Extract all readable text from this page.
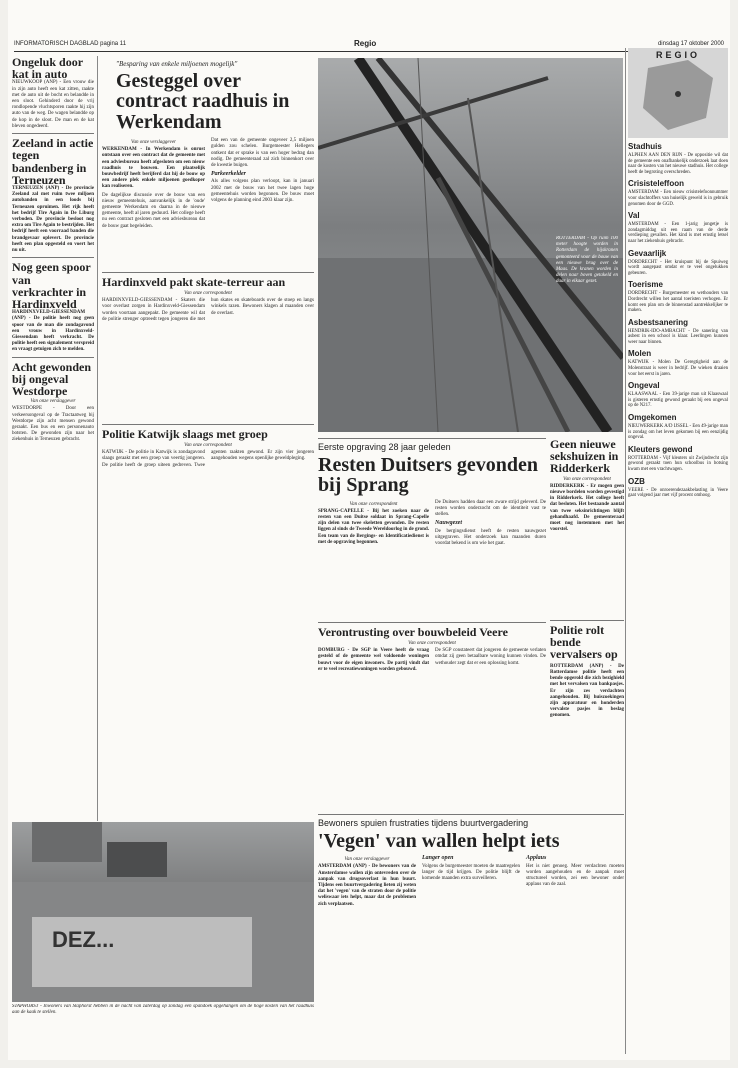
INFORMATORISCH DAGBLAD pagina 11	Regio	dinsdag 17 oktober 2000
Ongeluk door kat in auto

NIEUWKOOP (ANP) - Een vrouw die in zijn auto heeft een kat zitten, raakte met de auto uit de bocht en belandde in een sloot. Gehinderd door de vrij rondlopende vluchtsporen raakte hij zijn auto van de weg. De wagen belandde op de kop in de sloot. De man en de kat bleven ongedeerd.

Zeeland in actie tegen bandenberg in Terneuzen

TERNEUZEN (ANP) - De provincie Zeeland zal met ruim twee miljoen autobanden in een loods bij Terneuzen opruimen. Het rijk heeft het bedrijf Tire Again in De Liburg verboden. De provincie besloot nog extra om Tire Again te bestrijden. Het bedrijf heeft een voorraad banden die brandgevaar oplevert. De provincie heeft een plan opgesteld en voert het nu uit.

Nog geen spoor van verkrachter in Hardinxveld

HARDINXVELD-GIESSENDAM (ANP) - De politie heeft nog geen spoor van de man die zondagavond een vrouw in Hardinxveld-Giessendam heeft verkracht. De politie heeft een signalement verspreid en vraagt getuigen zich te melden.

Acht gewonden bij ongeval Westdorpe

Van onze verslaggever

WESTDORPE - Door een verkeersongeval op de Tractaatweg bij Westdorpe zijn acht mensen gewond geraakt. Een bus en een personenauto botsten. De gewonden zijn naar het ziekenhuis in Terneuzen gebracht.

"Besparing van enkele miljoenen mogelijk"

Gesteggel over contract raadhuis in Werkendam

Van onze verslaggever

WERKENDAM - In Werkendam is onrust ontstaan over een contract dat de gemeente met een adviesbureau heeft afgesloten om een nieuw raadhuis te bouwen. Een plaatselijk bouwbedrijf heeft berijferd dat hij de bouw op een andere plek enkele miljoenen goedkoper kan realiseren.

De dagelijkse discussie over de bouw van een nieuw gemeentehuis, aanvankelijk in de 'oude' gemeente Werkendam en daarna in de nieuwe gemeente, heeft al jaren geduurd. Het college heeft nu een contract gesloten met een adviesbureau dat de bouw gaat begeleiden.

Dat een van de gemeente ongeveer 2,5 miljoen gulden zou schelen. Burgemeester Hellegers ontkent dat er sprake is van een hoger bedrag dan nodig. De gemeenteraad zal zich binnenkort over de kwestie buigen.

Parkeerkelder

Als alles volgens plan verloopt, kan in januari 2002 met de bouw van het twee lagen hoge gemeentehuis worden begonnen. De bouw moet volgens de planning eind 2003 klaar zijn.

ROTTERDAM - Op ruim 100 meter hoogte worden in Rotterdam de hijskranen gemonteerd voor de bouw van een nieuwe brug over de Maas. De kranen worden in delen naar boven getakeld en daar in elkaar gezet.

Hardinxveld pakt skate-terreur aan

Van onze correspondent

HARDINXVELD-GIESSENDAM - Skaters die voor overlast zorgen in Hardinxveld-Giessendam worden voortaan aangepakt. De gemeente wil dat de politie strenger optreedt tegen jongeren die met hun skates en skateboards over de stoep en langs winkels razen. Bewoners klagen al maanden over de overlast.

Politie Katwijk slaags met groep

Van onze correspondent

KATWIJK - De politie in Katwijk is zondagavond slaags geraakt met een groep van veertig jongeren. De politie heeft de groep uiteen gedreven. Twee agenten raakten gewond. Er zijn vier jongeren aangehouden wegens openlijke geweldpleging.

DEZ...

STAPHORST - Inwoners van Staphorst hebben in de nacht van zaterdag op zondag een spandoek opgehangen om de hoge kosten van het raadhuis aan de kaak te stellen.

Eerste opgraving 28 jaar geleden

Resten Duitsers gevonden bij Sprang

Van onze correspondent

SPRANG-CAPELLE - Bij het zoeken naar de resten van een Duitse soldaat in Sprang-Capelle zijn delen van twee skeletten gevonden. De resten liggen al sinds de Tweede Wereldoorlog in de grond. Een team van de Bergings- en Identificatiedienst is met de opgraving begonnen.

De Duitsers hadden daar een zware strijd geleverd. De resten worden onderzocht om de identiteit vast te stellen.

Nauwgezet

De bergingsdienst heeft de resten nauwgezet uitgegraven. Het onderzoek kan maanden duren voordat bekend is om wie het gaat.

Geen nieuwe sekshuizen in Ridderkerk

Van onze correspondent

RIDDERKERK - Er mogen geen nieuwe bordelen worden gevestigd in Ridderkerk. Het college heeft dat besloten. Het bestaande aantal van twee seksinrichtingen blijft gehandhaafd. De gemeenteraad moet nog instemmen met het voorstel.

Verontrusting over bouwbeleid Veere

Van onze correspondent

DOMBURG - De SGP in Veere heeft de vraag gesteld of de gemeente wel voldoende woningen bouwt voor de eigen inwoners. De partij vindt dat er te veel recreatiewoningen worden gebouwd.

De SGP constateert dat jongeren de gemeente verlaten omdat zij geen betaalbare woning kunnen vinden. De wethouder zegt dat er een oplossing komt.

Politie rolt bende vervalsers op

ROTTERDAM (ANP) - De Rotterdamse politie heeft een bende opgerold die zich bezighield met het vervalsen van bankpasjes. Er zijn zes verdachten aangehouden. Bij huiszoekingen zijn apparatuur en honderden vervalste pasjes in beslag genomen.

Bewoners spuien frustraties tijdens buurtvergadering

'Vegen' van wallen helpt iets

Van onze verslaggever

AMSTERDAM (ANP) - De bewoners van de Amsterdamse wallen zijn ontevreden over de aanpak van drugsoverlast in hun buurt. Tijdens een buurtvergadering lieten zij weten dat het 'vegen' van de straten door de politie weliswaar iets helpt, maar dat de problemen zich verplaatsen.

Langer open

Volgens de burgemeester moeten de maatregelen langer de tijd krijgen. De politie blijft de komende maanden extra surveilleren.

Applaus

Het is niet genoeg. Meer verdachten moeten worden aangehouden en de aanpak moet structureel worden, zei een bewoner onder applaus van de zaal.

REGIO
Stadhuis

ALPHEN AAN DEN RIJN - De oppositie wil dat de gemeente een onafhankelijk onderzoek laat doen naar de kosten van het nieuwe stadhuis. Het college heeft de begroting overschreden.

Crisisteleffoon

AMSTERDAM - Een nieuw crisistelefoonnummer voor slachtoffers van huiselijk geweld is in gebruik genomen door de GGD.

Val

AMSTERDAM - Een 1-jarig jongetje is zondagmiddag uit een raam van de derde verdieping gevallen. Het kind is met ernstig letsel naar het ziekenhuis gebracht.

Gevaarlijk

DORDRECHT - Het kruispunt bij de Spuiweg wordt aangepast omdat er te veel ongelukken gebeuren.

Toerisme

DORDRECHT - Burgemeester en wethouders van Dordrecht willen het aantal toeristen verhogen. Er komt een plan om de binnenstad aantrekkelijker te maken.

Asbestsanering

HENDRIK-IDO-AMBACHT - De sanering van asbest in een school is klaar. Leerlingen kunnen weer naar binnen.

Molen

KATWIJK - Molen De Geregtigheid aan de Molenstraat is weer in bedrijf. De wieken draaien voor het eerst in jaren.

Ongeval

KLAASWAAL - Een 39-jarige man uit Klaaswaal is gisteren ernstig gewond geraakt bij een ongeval op de N217.

Omgekomen

NIEUWERKERK A/D IJSSEL - Een 49-jarige man is zondag om het leven gekomen bij een eenzijdig ongeval.

Kleuters gewond

ROTTERDAM - Vijf kleuters uit Zwijndrecht zijn gewond geraakt toen hun schoolbus in botsing kwam met een vrachtwagen.

OZB

VEERE - De onroerendezaakbelasting in Veere gaat volgend jaar met vijf procent omhoog.
